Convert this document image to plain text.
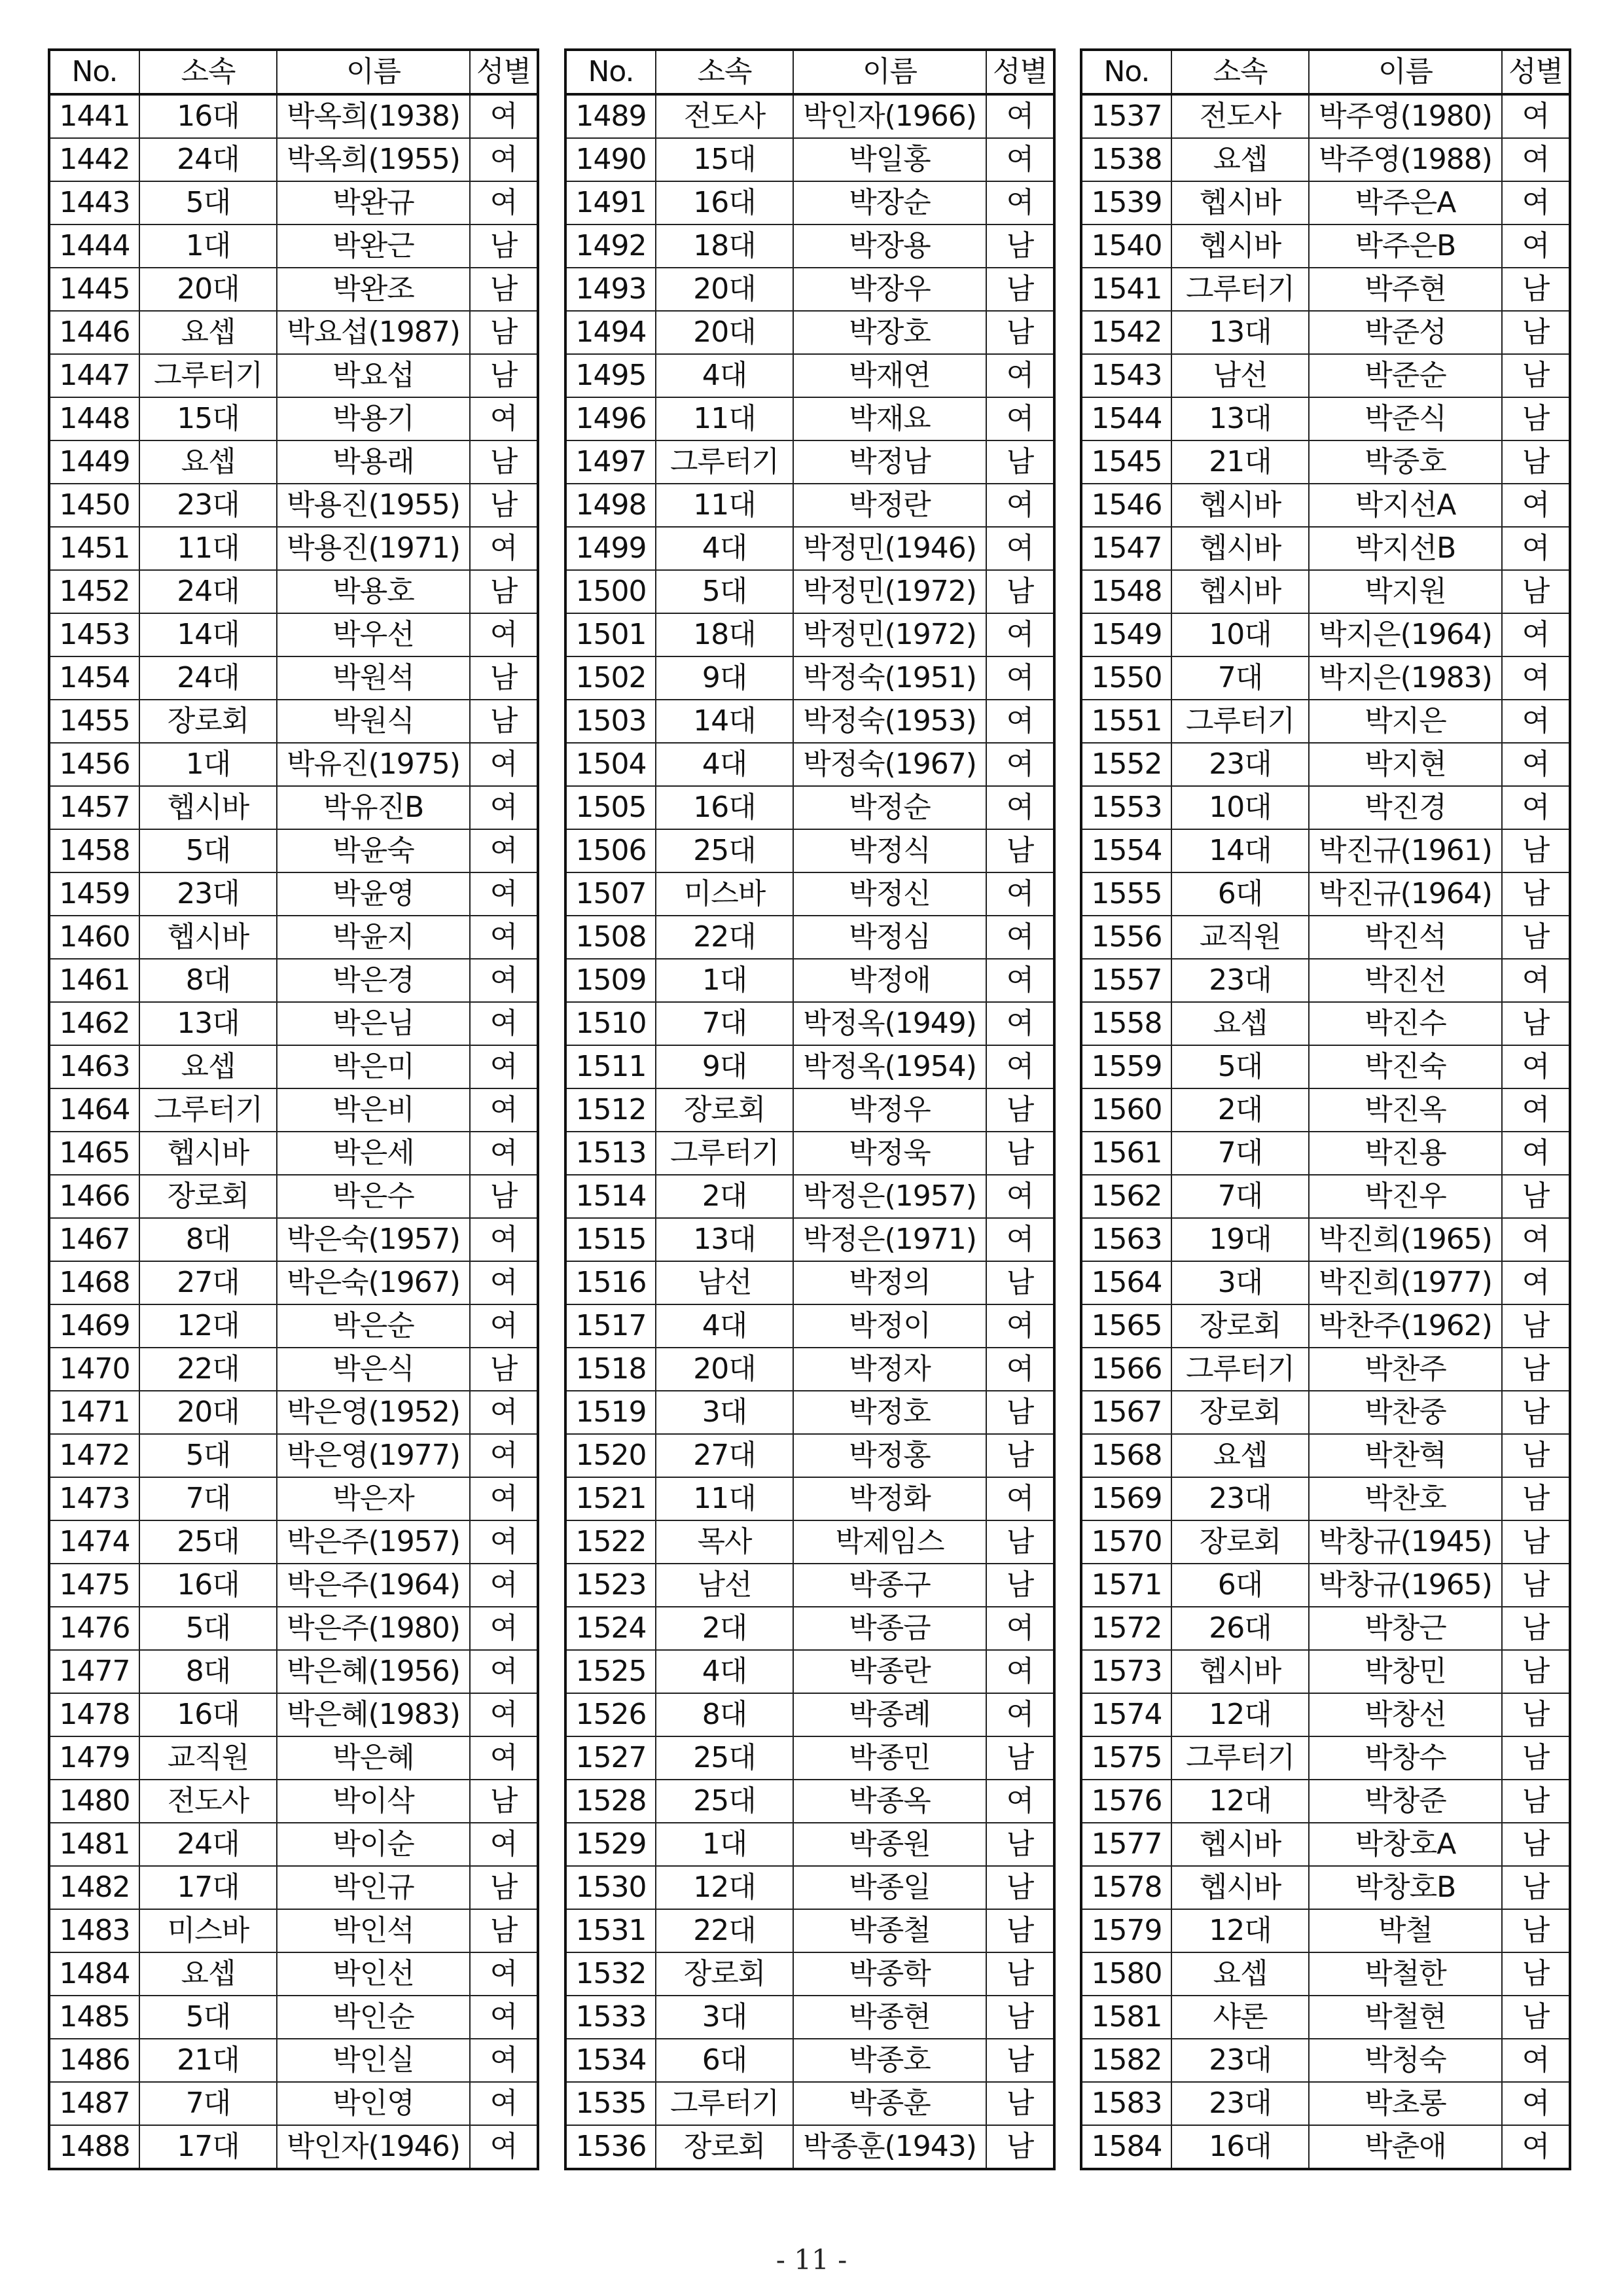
No.	소속	이름	성별
1441	16대	박옥희(1938)	여
1442	24대	박옥희(1955)	여
1443	5대	박완규	여
1444	1대	박완근	남
1445	20대	박완조	남
1446	요셉	박요섭(1987)	남
1447	그루터기	박요섭	남
1448	15대	박용기	여
1449	요셉	박용래	남
1450	23대	박용진(1955)	남
1451	11대	박용진(1971)	여
1452	24대	박용호	남
1453	14대	박우선	여
1454	24대	박원석	남
1455	장로회	박원식	남
1456	1대	박유진(1975)	여
1457	헵시바	박유진B	여
1458	5대	박윤숙	여
1459	23대	박윤영	여
1460	헵시바	박윤지	여
1461	8대	박은경	여
1462	13대	박은님	여
1463	요셉	박은미	여
1464	그루터기	박은비	여
1465	헵시바	박은세	여
1466	장로회	박은수	남
1467	8대	박은숙(1957)	여
1468	27대	박은숙(1967)	여
1469	12대	박은순	여
1470	22대	박은식	남
1471	20대	박은영(1952)	여
1472	5대	박은영(1977)	여
1473	7대	박은자	여
1474	25대	박은주(1957)	여
1475	16대	박은주(1964)	여
1476	5대	박은주(1980)	여
1477	8대	박은혜(1956)	여
1478	16대	박은혜(1983)	여
1479	교직원	박은혜	여
1480	전도사	박이삭	남
1481	24대	박이순	여
1482	17대	박인규	남
1483	미스바	박인석	남
1484	요셉	박인선	여
1485	5대	박인순	여
1486	21대	박인실	여
1487	7대	박인영	여
1488	17대	박인자(1946)	여
No.	소속	이름	성별
1489	전도사	박인자(1966)	여
1490	15대	박일홍	여
1491	16대	박장순	여
1492	18대	박장용	남
1493	20대	박장우	남
1494	20대	박장호	남
1495	4대	박재연	여
1496	11대	박재요	여
1497	그루터기	박정남	남
1498	11대	박정란	여
1499	4대	박정민(1946)	여
1500	5대	박정민(1972)	남
1501	18대	박정민(1972)	여
1502	9대	박정숙(1951)	여
1503	14대	박정숙(1953)	여
1504	4대	박정숙(1967)	여
1505	16대	박정순	여
1506	25대	박정식	남
1507	미스바	박정신	여
1508	22대	박정심	여
1509	1대	박정애	여
1510	7대	박정옥(1949)	여
1511	9대	박정옥(1954)	여
1512	장로회	박정우	남
1513	그루터기	박정욱	남
1514	2대	박정은(1957)	여
1515	13대	박정은(1971)	여
1516	남선	박정의	남
1517	4대	박정이	여
1518	20대	박정자	여
1519	3대	박정호	남
1520	27대	박정홍	남
1521	11대	박정화	여
1522	목사	박제임스	남
1523	남선	박종구	남
1524	2대	박종금	여
1525	4대	박종란	여
1526	8대	박종례	여
1527	25대	박종민	남
1528	25대	박종옥	여
1529	1대	박종원	남
1530	12대	박종일	남
1531	22대	박종철	남
1532	장로회	박종학	남
1533	3대	박종현	남
1534	6대	박종호	남
1535	그루터기	박종훈	남
1536	장로회	박종훈(1943)	남
No.	소속	이름	성별
1537	전도사	박주영(1980)	여
1538	요셉	박주영(1988)	여
1539	헵시바	박주은A	여
1540	헵시바	박주은B	여
1541	그루터기	박주현	남
1542	13대	박준성	남
1543	남선	박준순	남
1544	13대	박준식	남
1545	21대	박중호	남
1546	헵시바	박지선A	여
1547	헵시바	박지선B	여
1548	헵시바	박지원	남
1549	10대	박지은(1964)	여
1550	7대	박지은(1983)	여
1551	그루터기	박지은	여
1552	23대	박지현	여
1553	10대	박진경	여
1554	14대	박진규(1961)	남
1555	6대	박진규(1964)	남
1556	교직원	박진석	남
1557	23대	박진선	여
1558	요셉	박진수	남
1559	5대	박진숙	여
1560	2대	박진옥	여
1561	7대	박진용	여
1562	7대	박진우	남
1563	19대	박진희(1965)	여
1564	3대	박진희(1977)	여
1565	장로회	박찬주(1962)	남
1566	그루터기	박찬주	남
1567	장로회	박찬중	남
1568	요셉	박찬혁	남
1569	23대	박찬호	남
1570	장로회	박창규(1945)	남
1571	6대	박창규(1965)	남
1572	26대	박창근	남
1573	헵시바	박창민	남
1574	12대	박창선	남
1575	그루터기	박창수	남
1576	12대	박창준	남
1577	헵시바	박창호A	남
1578	헵시바	박창호B	남
1579	12대	박철	남
1580	요셉	박철한	남
1581	샤론	박철현	남
1582	23대	박청숙	여
1583	23대	박초롱	여
1584	16대	박춘애	여
- 11 -
